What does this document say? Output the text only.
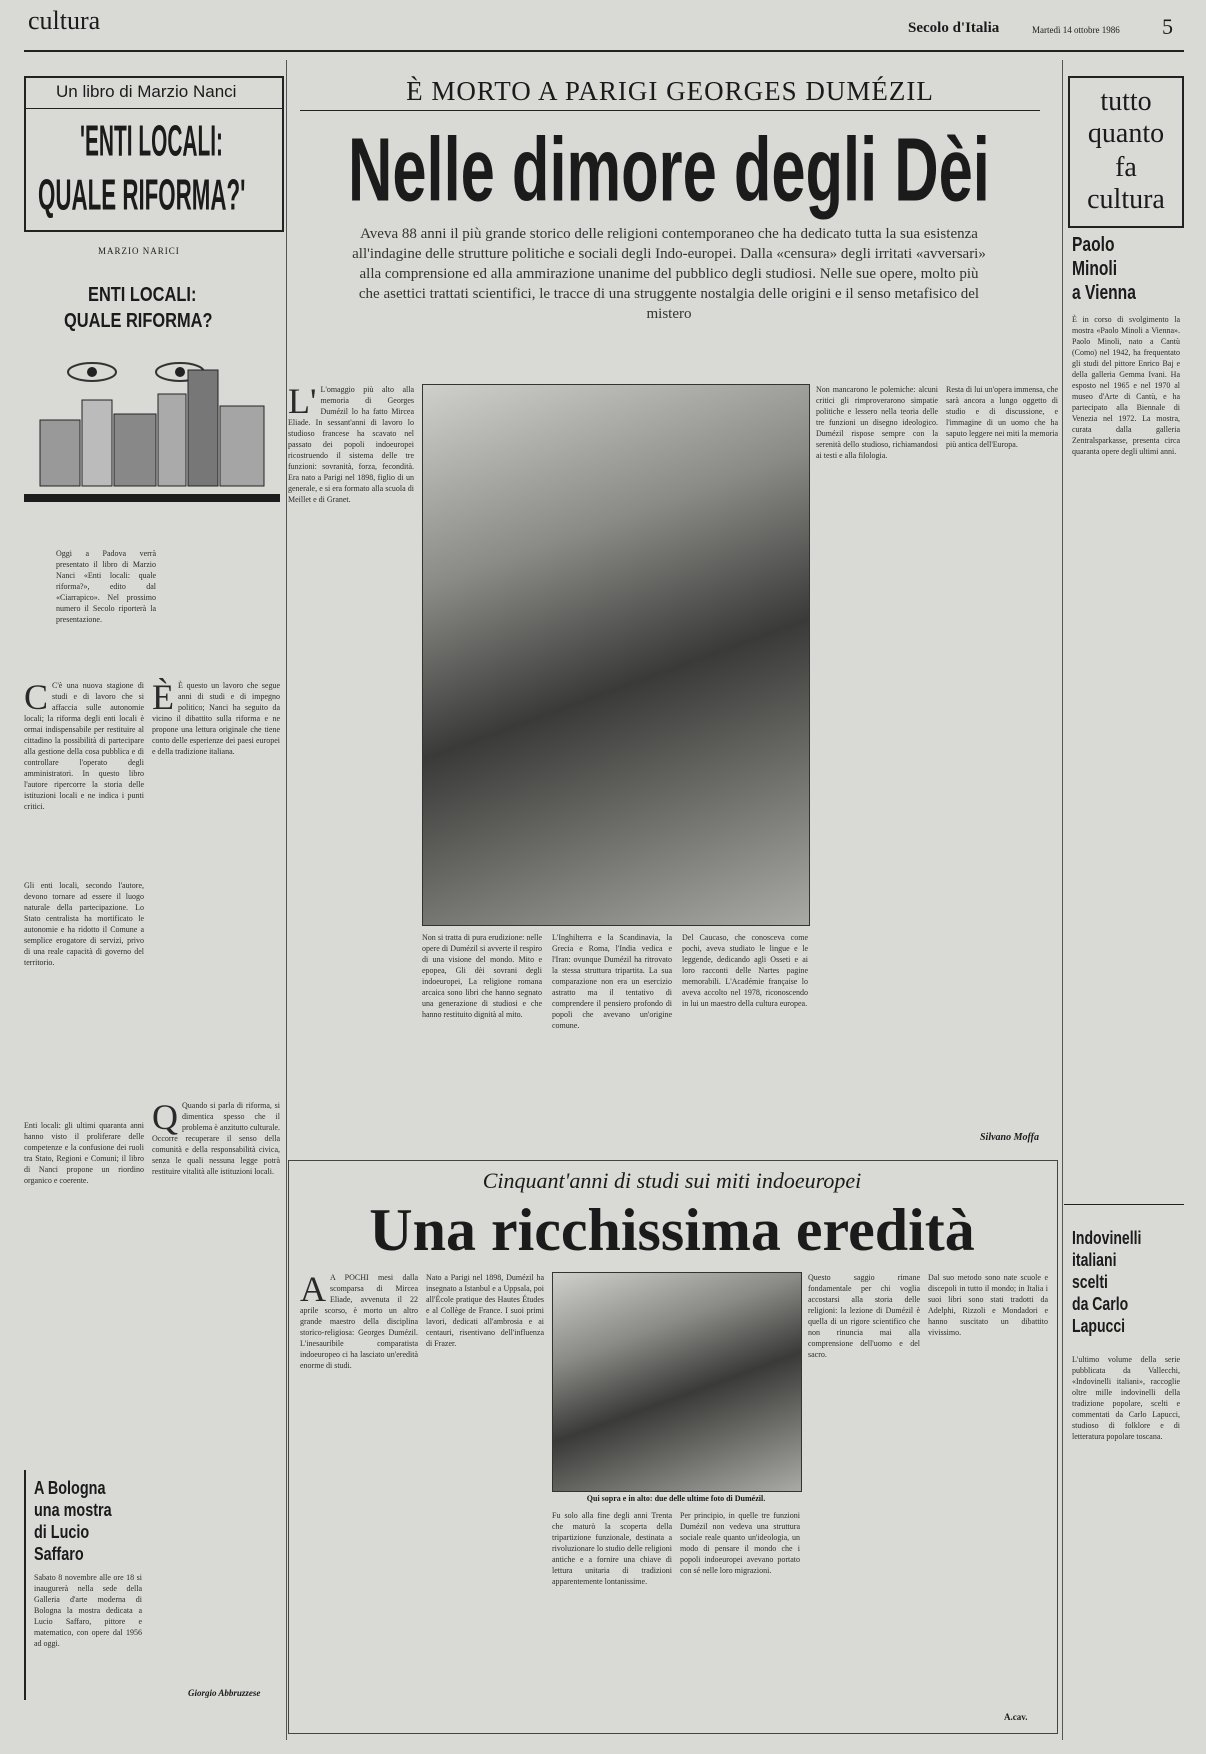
cultura	Secolo d'Italia	Martedì 14 ottobre 1986 5
Un libro di Marzio Nanci
'ENTI LOCALI:
QUALE RIFORMA?'
MARZIO NARICI
ENTI LOCALI:
QUALE RIFORMA?
Oggi a Padova verrà presentato il libro di Marzio Nanci «Enti locali: quale riforma?», edito dal «Ciarrapico». Nel prossimo numero il Secolo riporterà la presentazione.
C C'è una nuova stagione di studi e di lavoro che si affaccia sulle autonomie locali; la riforma degli enti locali è ormai indispensabile per restituire al cittadino la possibilità di partecipare alla gestione della cosa pubblica e di controllare l'operato degli amministratori. In questo libro l'autore ripercorre la storia delle istituzioni locali e ne indica i punti critici.
Gli enti locali, secondo l'autore, devono tornare ad essere il luogo naturale della partecipazione. Lo Stato centralista ha mortificato le autonomie e ha ridotto il Comune a semplice erogatore di servizi, privo di una reale capacità di governo del territorio.
Enti locali: gli ultimi quaranta anni hanno visto il proliferare delle competenze e la confusione dei ruoli tra Stato, Regioni e Comuni; il libro di Nanci propone un riordino organico e coerente.
È È questo un lavoro che segue anni di studi e di impegno politico; Nanci ha seguito da vicino il dibattito sulla riforma e ne propone una lettura originale che tiene conto delle esperienze dei paesi europei e della tradizione italiana.
Q Quando si parla di riforma, si dimentica spesso che il problema è anzitutto culturale. Occorre recuperare il senso della comunità e della responsabilità civica, senza le quali nessuna legge potrà restituire vitalità alle istituzioni locali.
A Bologna
una mostra
di Lucio
Saffaro
Sabato 8 novembre alle ore 18 si inaugurerà nella sede della Galleria d'arte moderna di Bologna la mostra dedicata a Lucio Saffaro, pittore e matematico, con opere dal 1956 ad oggi.
Giorgio Abbruzzese
tutto
quanto
fa
cultura
Paolo
Minoli
a Vienna
È in corso di svolgimento la mostra «Paolo Minoli a Vienna». Paolo Minoli, nato a Cantù (Como) nel 1942, ha frequentato gli studi del pittore Enrico Baj e della galleria Gemma Ivani. Ha esposto nel 1965 e nel 1970 al museo d'Arte di Cantù, e ha partecipato alla Biennale di Venezia nel 1972. La mostra, curata dalla galleria Zentralsparkasse, presenta circa quaranta opere degli ultimi anni.
Indovinelli
italiani
scelti
da Carlo
Lapucci
L'ultimo volume della serie pubblicata da Vallecchi, «Indovinelli italiani», raccoglie oltre mille indovinelli della tradizione popolare, scelti e commentati da Carlo Lapucci, studioso di folklore e di letteratura popolare toscana.
È MORTO A PARIGI GEORGES DUMÉZIL
Nelle dimore degli Dèi
Aveva 88 anni il più grande storico delle religioni contemporaneo che ha dedicato tutta la sua esistenza all'indagine delle strutture politiche e sociali degli Indo-europei. Dalla «censura» degli irritati «avversari» alla comprensione ed alla ammirazione unanime del pubblico degli studiosi. Nelle sue opere, molto più che asettici trattati scientifici, le tracce di una struggente nostalgia delle origini e il senso metafisico del mistero
L' L'omaggio più alto alla memoria di Georges Dumézil lo ha fatto Mircea Eliade. In sessant'anni di lavoro lo studioso francese ha scavato nel passato dei popoli indoeuropei ricostruendo il sistema delle tre funzioni: sovranità, forza, fecondità. Era nato a Parigi nel 1898, figlio di un generale, e si era formato alla scuola di Meillet e di Granet.
Non si tratta di pura erudizione: nelle opere di Dumézil si avverte il respiro di una visione del mondo. Mito e epopea, Gli dèi sovrani degli indoeuropei, La religione romana arcaica sono libri che hanno segnato una generazione di studiosi e che hanno restituito dignità al mito.
L'Inghilterra e la Scandinavia, la Grecia e Roma, l'India vedica e l'Iran: ovunque Dumézil ha ritrovato la stessa struttura tripartita. La sua comparazione non era un esercizio astratto ma il tentativo di comprendere il pensiero profondo di popoli che avevano un'origine comune.
Del Caucaso, che conosceva come pochi, aveva studiato le lingue e le leggende, dedicando agli Osseti e ai loro racconti delle Nartes pagine memorabili. L'Académie française lo aveva accolto nel 1978, riconoscendo in lui un maestro della cultura europea.
Non mancarono le polemiche: alcuni critici gli rimproverarono simpatie politiche e lessero nella teoria delle tre funzioni un disegno ideologico. Dumézil rispose sempre con la serenità dello studioso, richiamandosi ai testi e alla filologia.
Resta di lui un'opera immensa, che sarà ancora a lungo oggetto di studio e di discussione, e l'immagine di un uomo che ha saputo leggere nei miti la memoria più antica dell'Europa.
Silvano Moffa
Cinquant'anni di studi sui miti indoeuropei
Una ricchissima eredità
A A POCHI mesi dalla scomparsa di Mircea Eliade, avvenuta il 22 aprile scorso, è morto un altro grande maestro della disciplina storico-religiosa: Georges Dumézil. L'inesauribile comparatista indoeuropeo ci ha lasciato un'eredità enorme di studi.
Nato a Parigi nel 1898, Dumézil ha insegnato a Istanbul e a Uppsala, poi all'École pratique des Hautes Études e al Collège de France. I suoi primi lavori, dedicati all'ambrosia e ai centauri, risentivano dell'influenza di Frazer.
Qui sopra e in alto: due delle ultime foto di Dumézil.
Fu solo alla fine degli anni Trenta che maturò la scoperta della tripartizione funzionale, destinata a rivoluzionare lo studio delle religioni antiche e a fornire una chiave di lettura unitaria di tradizioni apparentemente lontanissime.
Per principio, in quelle tre funzioni Dumézil non vedeva una struttura sociale reale quanto un'ideologia, un modo di pensare il mondo che i popoli indoeuropei avevano portato con sé nelle loro migrazioni.
Questo saggio rimane fondamentale per chi voglia accostarsi alla storia delle religioni: la lezione di Dumézil è quella di un rigore scientifico che non rinuncia mai alla comprensione dell'uomo e del sacro.
Dal suo metodo sono nate scuole e discepoli in tutto il mondo; in Italia i suoi libri sono stati tradotti da Adelphi, Rizzoli e Mondadori e hanno suscitato un dibattito vivissimo.
A.cav.
